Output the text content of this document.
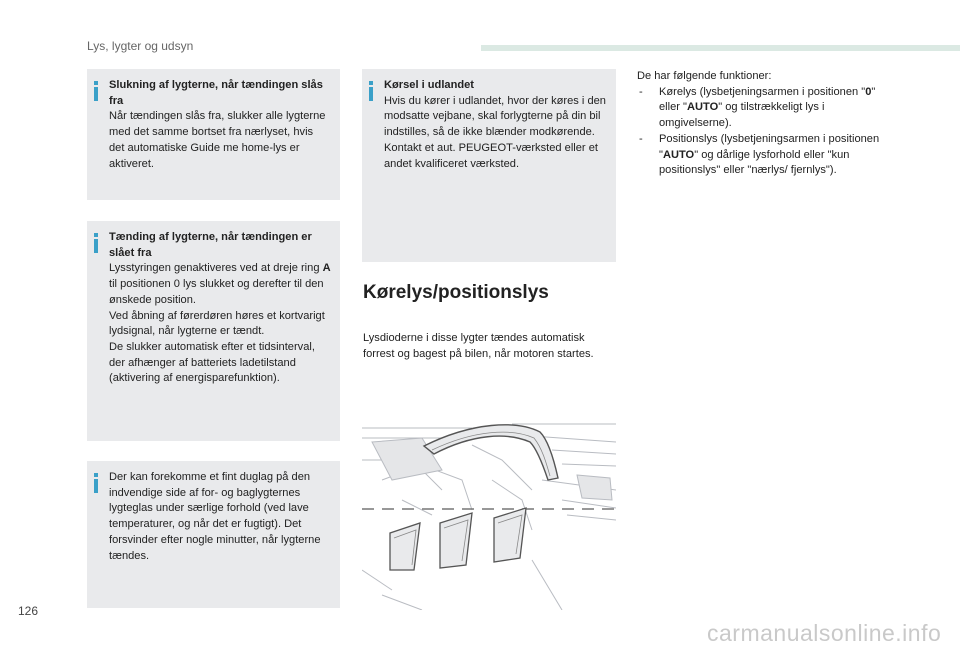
Lys, lygter og udsyn
Slukning af lygterne, når tændingen slås fra
Når tændingen slås fra, slukker alle lygterne med det samme bortset fra nærlyset, hvis det automatiske Guide me home-lys er aktiveret.
Tænding af lygterne, når tændingen er slået fra
Lysstyringen genaktiveres ved at dreje ring A til positionen 0 lys slukket og derefter til den ønskede position.
Ved åbning af førerdøren høres et kortvarigt lydsignal, når lygterne er tændt.
De slukker automatisk efter et tidsinterval, der afhænger af batteriets ladetilstand (aktivering af energisparefunktion).
Der kan forekomme et fint duglag på den indvendige side af for- og baglygternes lygteglas under særlige forhold (ved lave temperaturer, og når det er fugtigt). Det forsvinder efter nogle minutter, når lygterne tændes.
Kørsel i udlandet
Hvis du kører i udlandet, hvor der køres i den modsatte vejbane, skal forlygterne på din bil indstilles, så de ikke blænder modkørende.
Kontakt et aut. PEUGEOT-værksted eller et andet kvalificeret værksted.
Kørelys/positionslys
Lysdioderne i disse lygter tændes automatisk forrest og bagest på bilen, når motoren startes.
De har følgende funktioner:
- Kørelys (lysbetjeningsarmen i positionen "0" eller "AUTO" og tilstrækkeligt lys i omgivelserne).
- Positionslys (lysbetjeningsarmen i positionen "AUTO" og dårlige lysforhold eller "kun positionslys" eller "nærlys/ fjernlys").
126
carmanualsonline.info
